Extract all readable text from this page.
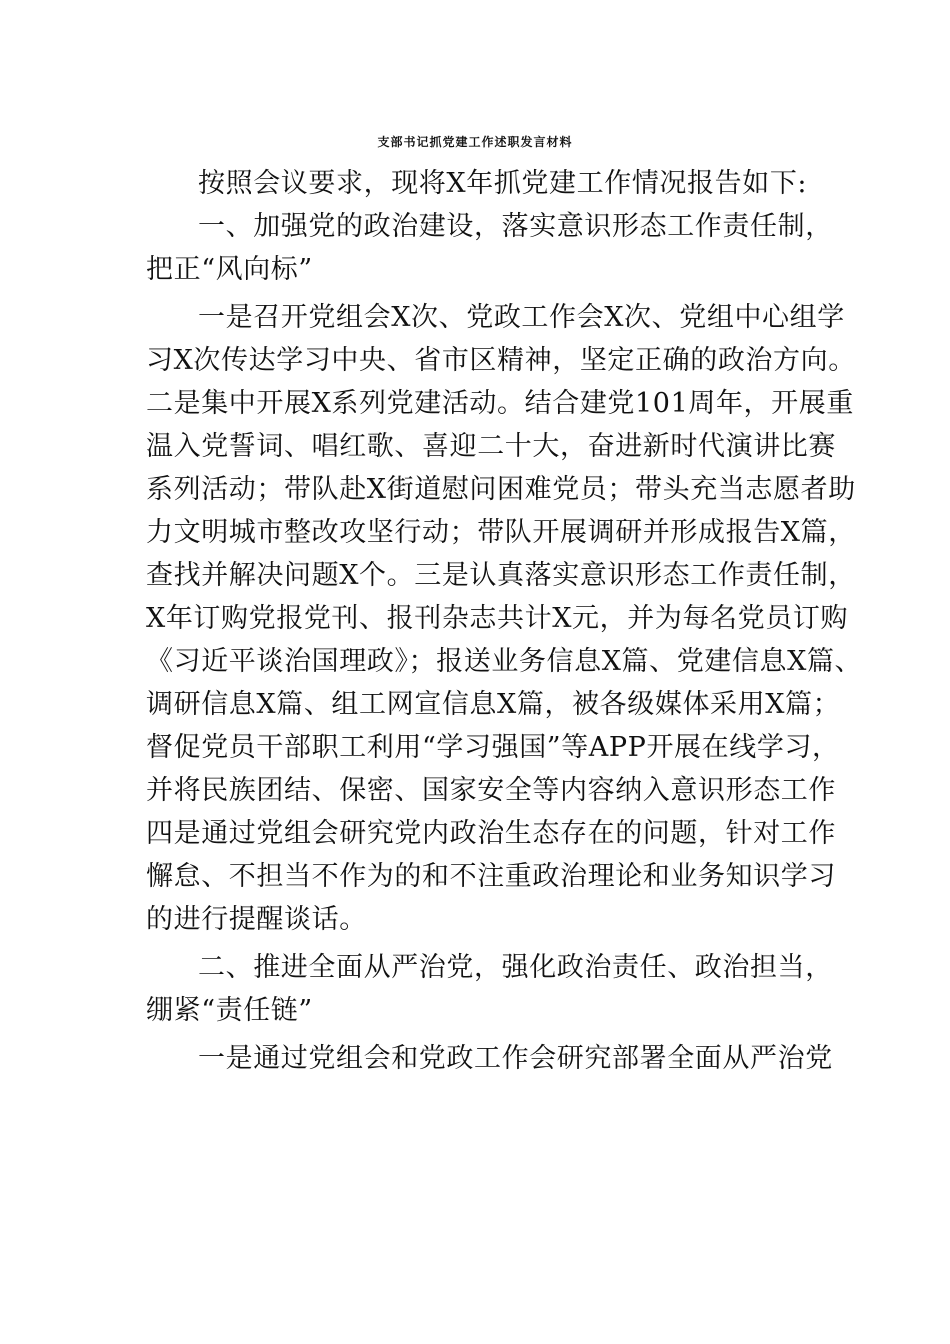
支部书记抓党建工作述职发言材料
按照会议要求，现将X年抓党建工作情况报告如下:
一、加强党的政治建设，落实意识形态工作责任制，
把正“风向标”
一是召开党组会X次、党政工作会X次、党组中心组学
习X次传达学习中央、省市区精神，坚定正确的政治方向。
二是集中开展X系列党建活动。结合建党101周年，开展重
温入党誓词、唱红歌、喜迎二十大，奋进新时代演讲比赛
系列活动；带队赴X街道慰问困难党员；带头充当志愿者助
力文明城市整改攻坚行动；带队开展调研并形成报告X篇，
查找并解决问题X个。三是认真落实意识形态工作责任制，
X年订购党报党刊、报刊杂志共计X元，并为每名党员订购
《习近平谈治国理政》；报送业务信息X篇、党建信息X篇、
调研信息X篇、组工网宣信息X篇，被各级媒体采用X篇；
督促党员干部职工利用“学习强国”等APP开展在线学习，
并将民族团结、保密、国家安全等内容纳入意识形态工作
四是通过党组会研究党内政治生态存在的问题，针对工作
懈怠、不担当不作为的和不注重政治理论和业务知识学习
的进行提醒谈话。
二、推进全面从严治党，强化政治责任、政治担当，
绷紧“责任链”
一是通过党组会和党政工作会研究部署全面从严治党
